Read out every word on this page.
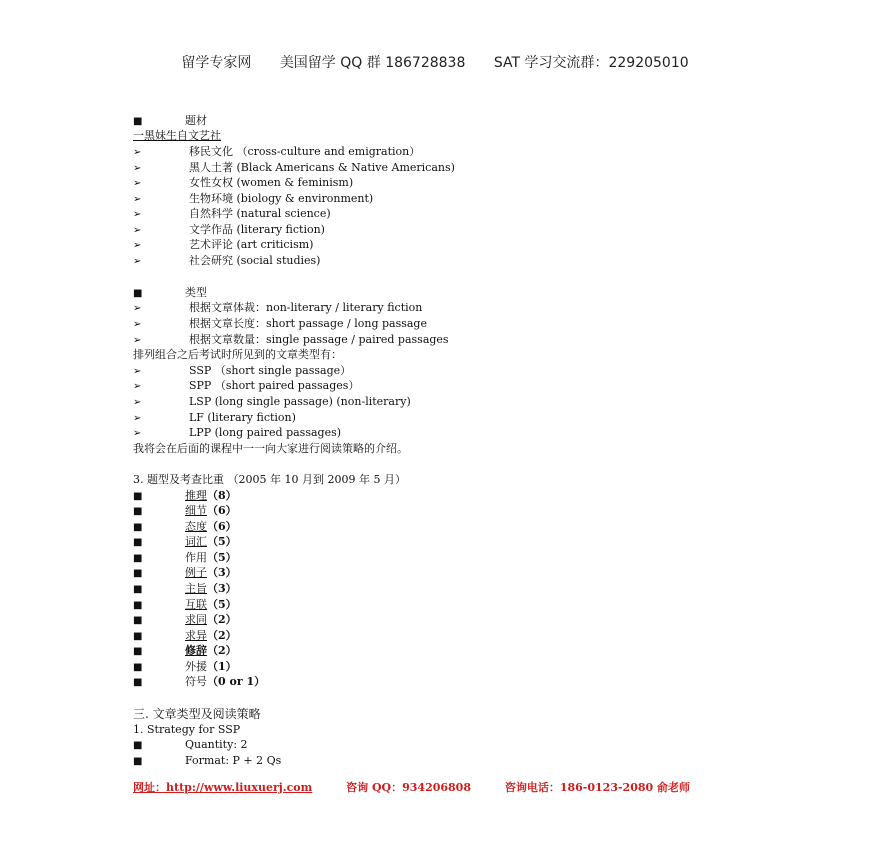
留学专家网 美国留学 QQ 群 186728838 SAT 学习交流群：229205010
■	题材
一黑妹生自文艺社
➢	移民文化 （cross-culture and emigration）
➢	黑人土著 (Black Americans & Native Americans)
➢	女性女权 (women & feminism)
➢	生物环境 (biology & environment)
➢	自然科学 (natural science)
➢	文学作品 (literary fiction)
➢	艺术评论 (art criticism)
➢	社会研究 (social studies)
■	类型
➢	根据文章体裁：non-literary / literary fiction
➢	根据文章长度：short passage / long passage
➢	根据文章数量：single passage / paired passages
排列组合之后考试时所见到的文章类型有：
➢	SSP （short single passage）
➢	SPP （short paired passages）
➢	LSP (long single passage) (non-literary)
➢	LF (literary fiction)
➢	LPP (long paired passages)
我将会在后面的课程中一一向大家进行阅读策略的介绍。
3. 题型及考查比重 （2005 年 10 月到 2009 年 5 月）
■	推理（8）
■	细节（6）
■	态度（6）
■	词汇（5）
■	作用（5）
■	例子（3）
■	主旨（3）
■	互联（5）
■	求同（2）
■	求异（2）
■	修辞（2）
■	外援（1）
■	符号（0 or 1）
三. 文章类型及阅读策略
1. Strategy for SSP
■	Quantity: 2
■	Format: P + 2 Qs
网址：http://www.liuxuerj.com	咨询 QQ：934206808	咨询电话：186-0123-2080 俞老师
